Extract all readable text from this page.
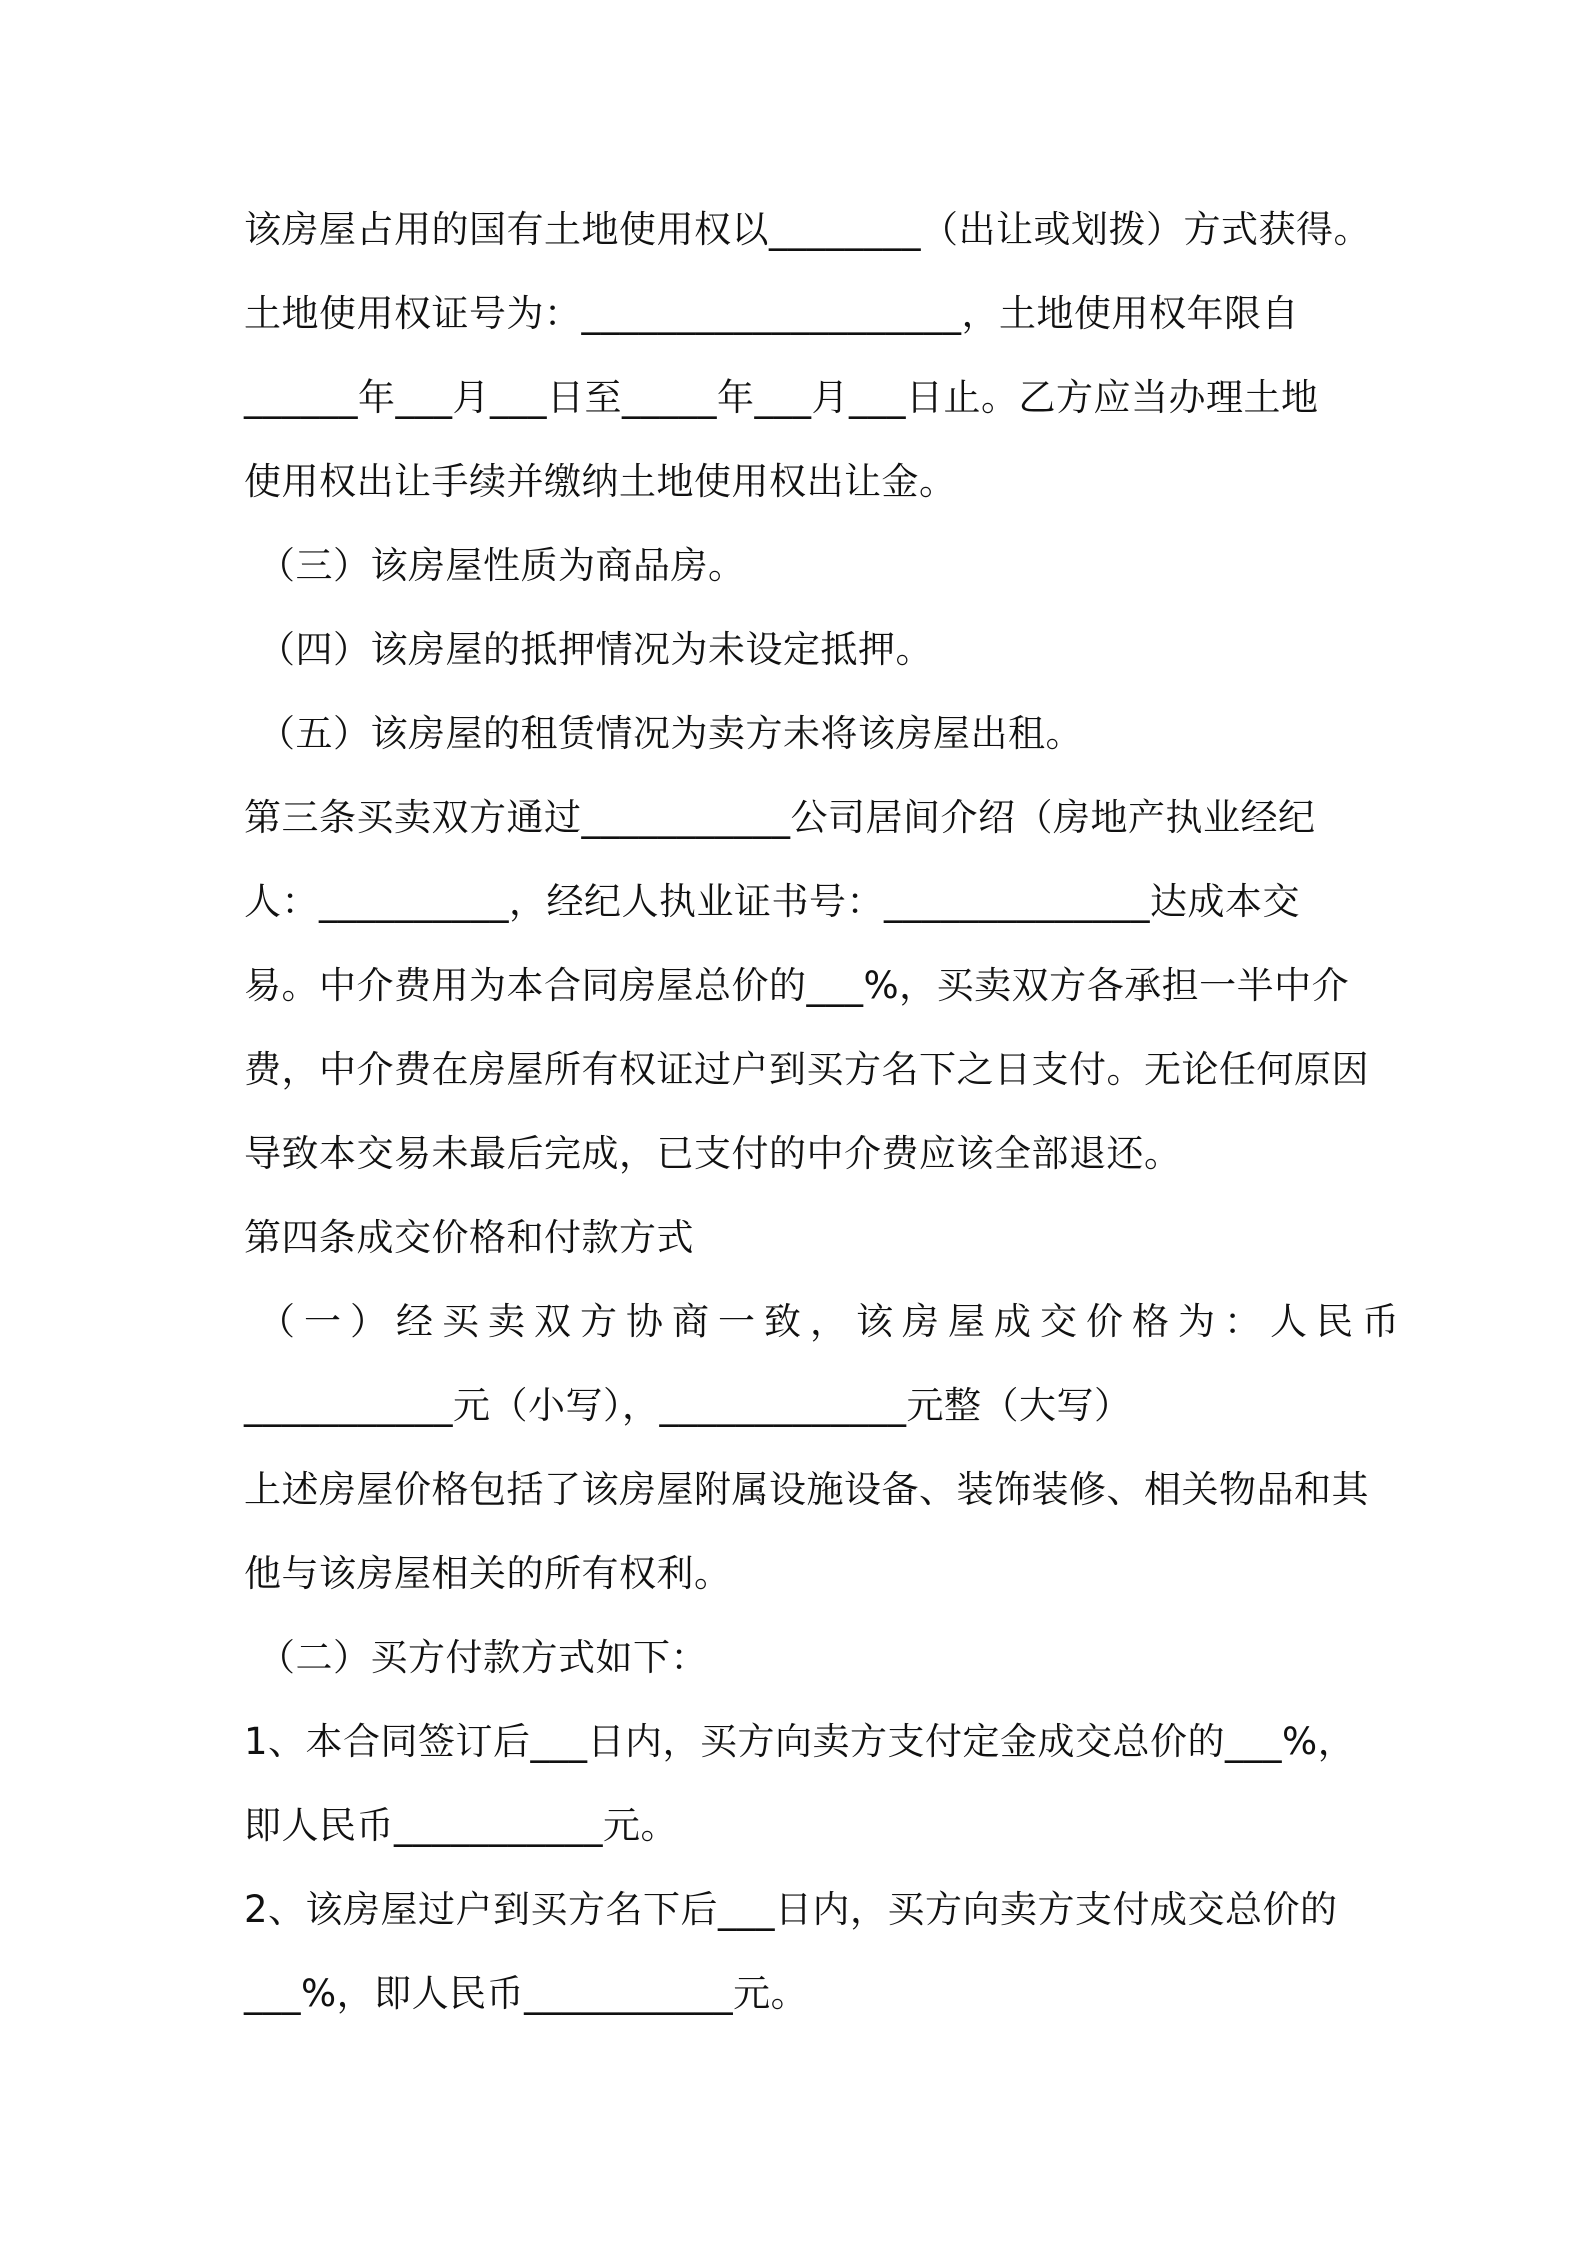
该房屋占用的国有土地使用权以________（出让或划拨）方式获得。
土地使用权证号为：____________________，土地使用权年限自
______年___月___日至_____年___月___日止。乙方应当办理土地
使用权出让手续并缴纳土地使用权出让金。
（三）该房屋性质为商品房。
（四）该房屋的抵押情况为未设定抵押。
（五）该房屋的租赁情况为卖方未将该房屋出租。
第三条买卖双方通过___________公司居间介绍（房地产执业经纪
人：__________，经纪人执业证书号：______________达成本交
易。中介费用为本合同房屋总价的___%，买卖双方各承担一半中介
费，中介费在房屋所有权证过户到买方名下之日支付。无论任何原因
导致本交易未最后完成，已支付的中介费应该全部退还。
第四条成交价格和付款方式
（一）经买卖双方协商一致，该房屋成交价格为：人民币
___________元（小写），_____________元整（大写）
上述房屋价格包括了该房屋附属设施设备、装饰装修、相关物品和其
他与该房屋相关的所有权利。
（二）买方付款方式如下：
1、本合同签订后___日内，买方向卖方支付定金成交总价的___%，
即人民币___________元。
2、该房屋过户到买方名下后___日内，买方向卖方支付成交总价的
___%，即人民币___________元。
